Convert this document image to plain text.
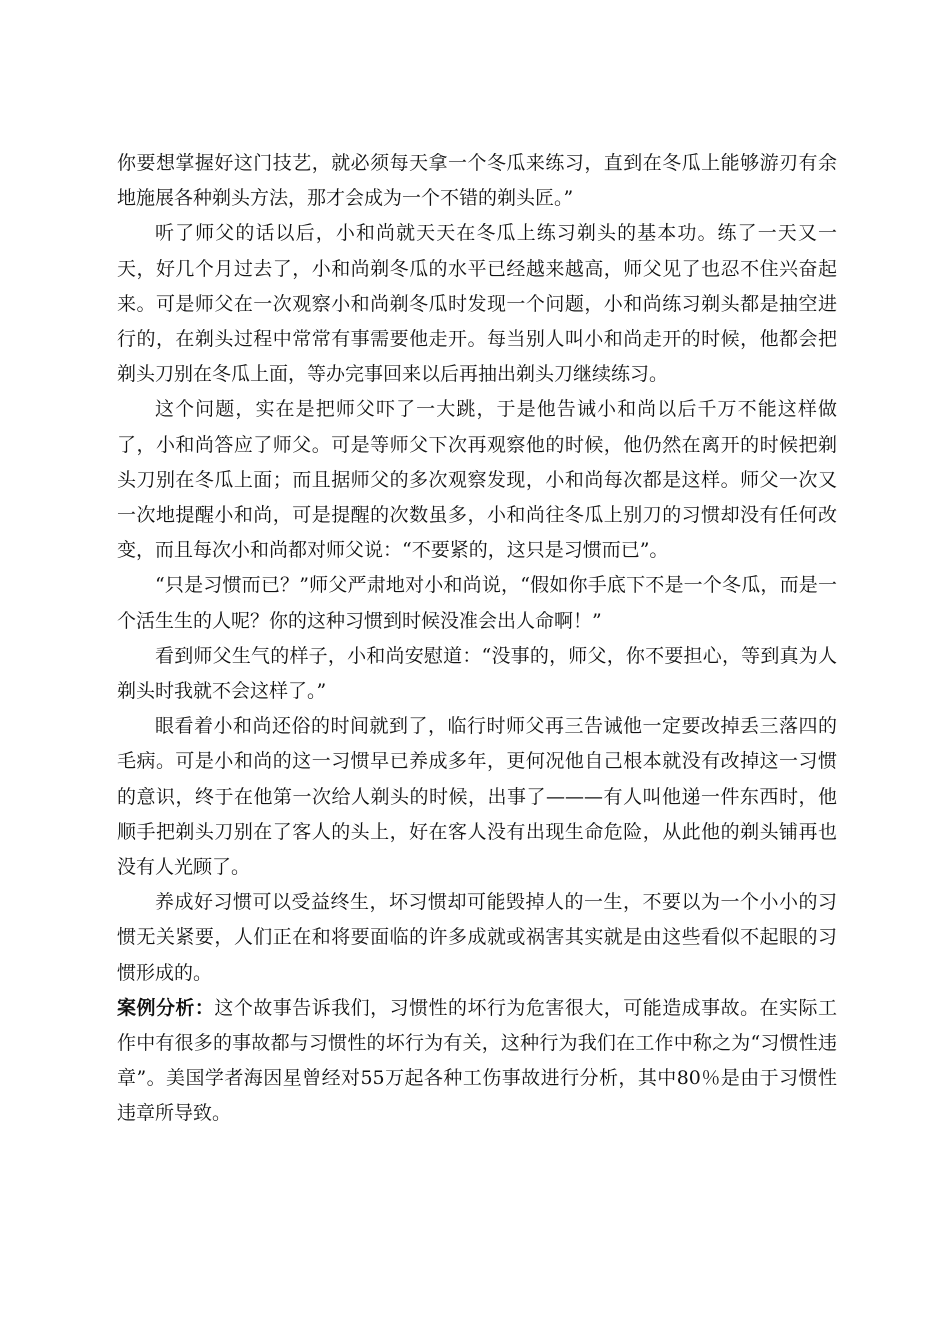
你要想掌握好这门技艺，就必须每天拿一个冬瓜来练习，直到在冬瓜上能够游刃有余地施展各种剃头方法，那才会成为一个不错的剃头匠。”

听了师父的话以后，小和尚就天天在冬瓜上练习剃头的基本功。练了一天又一天，好几个月过去了，小和尚剃冬瓜的水平已经越来越高，师父见了也忍不住兴奋起来。可是师父在一次观察小和尚剃冬瓜时发现一个问题，小和尚练习剃头都是抽空进行的，在剃头过程中常常有事需要他走开。每当别人叫小和尚走开的时候，他都会把剃头刀别在冬瓜上面，等办完事回来以后再抽出剃头刀继续练习。

这个问题，实在是把师父吓了一大跳，于是他告诫小和尚以后千万不能这样做了，小和尚答应了师父。可是等师父下次再观察他的时候，他仍然在离开的时候把剃头刀别在冬瓜上面；而且据师父的多次观察发现，小和尚每次都是这样。师父一次又一次地提醒小和尚，可是提醒的次数虽多，小和尚往冬瓜上别刀的习惯却没有任何改变，而且每次小和尚都对师父说：“不要紧的，这只是习惯而已”。

“只是习惯而已？”师父严肃地对小和尚说，“假如你手底下不是一个冬瓜，而是一个活生生的人呢？你的这种习惯到时候没准会出人命啊！”

看到师父生气的样子，小和尚安慰道：“没事的，师父，你不要担心，等到真为人剃头时我就不会这样了。”

眼看着小和尚还俗的时间就到了，临行时师父再三告诫他一定要改掉丢三落四的毛病。可是小和尚的这一习惯早已养成多年，更何况他自己根本就没有改掉这一习惯的意识，终于在他第一次给人剃头的时候，出事了———有人叫他递一件东西时，他顺手把剃头刀别在了客人的头上，好在客人没有出现生命危险，从此他的剃头铺再也没有人光顾了。

养成好习惯可以受益终生，坏习惯却可能毁掉人的一生，不要以为一个小小的习惯无关紧要，人们正在和将要面临的许多成就或祸害其实就是由这些看似不起眼的习惯形成的。

案例分析：这个故事告诉我们，习惯性的坏行为危害很大，可能造成事故。在实际工作中有很多的事故都与习惯性的坏行为有关，这种行为我们在工作中称之为“习惯性违章”。美国学者海因星曾经对55万起各种工伤事故进行分析，其中80％是由于习惯性违章所导致。
